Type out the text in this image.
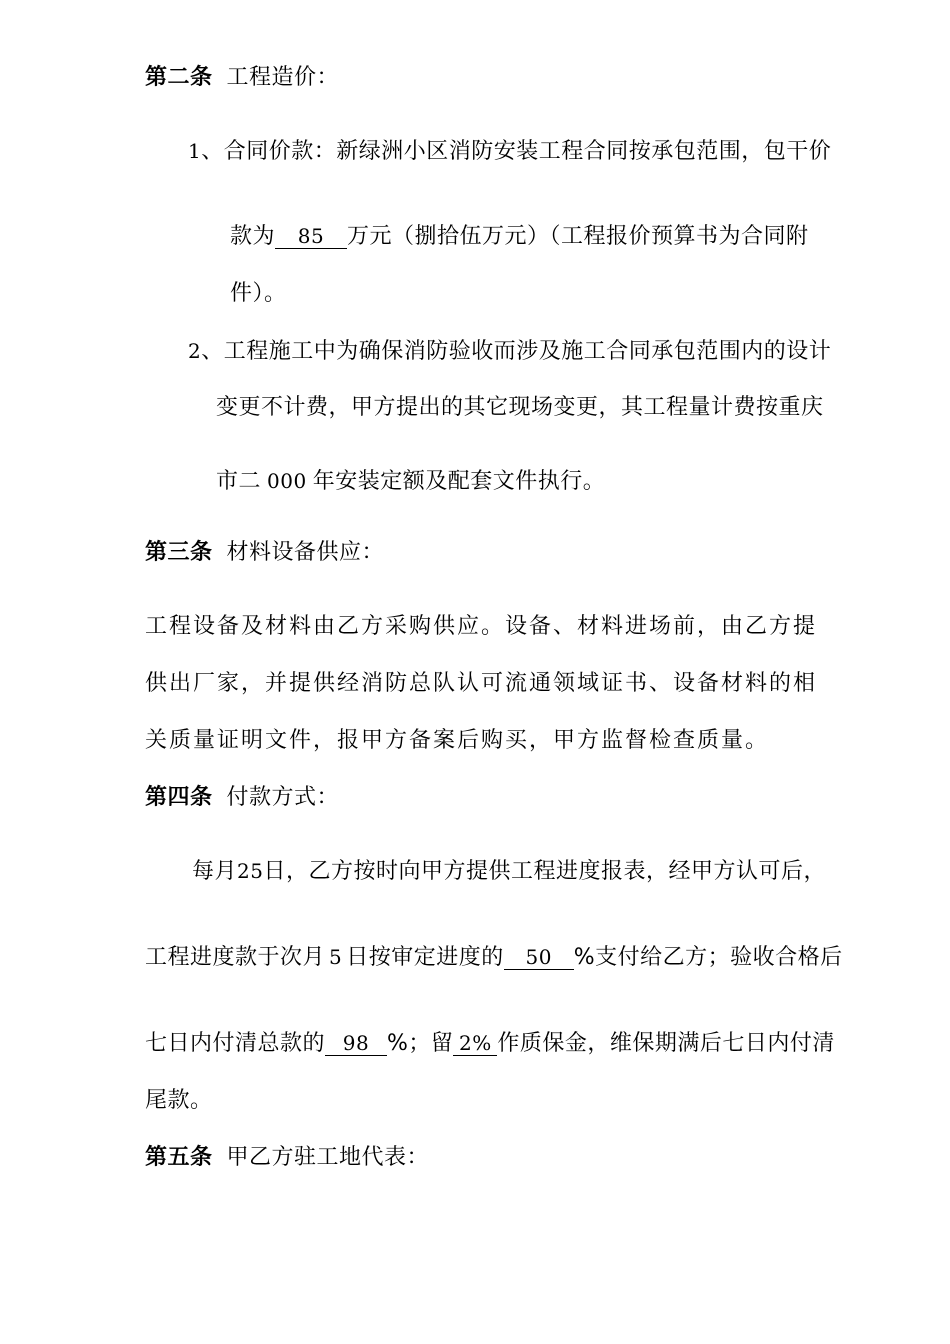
第二条 工程造价：
1、合同价款：新绿洲小区消防安装工程合同按承包范围，包干价
款为 85 万元（捌拾伍万元）（工程报价预算书为合同附
件）。
2、工程施工中为确保消防验收而涉及施工合同承包范围内的设计
变更不计费，甲方提出的其它现场变更，其工程量计费按重庆
市二 000 年安装定额及配套文件执行。
第三条 材料设备供应：
工程设备及材料由乙方采购供应。设备、材料进场前，由乙方提
供出厂家，并提供经消防总队认可流通领域证书、设备材料的相
关质量证明文件，报甲方备案后购买，甲方监督检查质量。
第四条 付款方式：
每月25日，乙方按时向甲方提供工程进度报表，经甲方认可后，
工程进度款于次月 5 日按审定进度的 50 %支付给乙方；验收合格后
七日内付清总款的 98 %；留 2% 作质保金，维保期满后七日内付清
尾款。
第五条 甲乙方驻工地代表：
